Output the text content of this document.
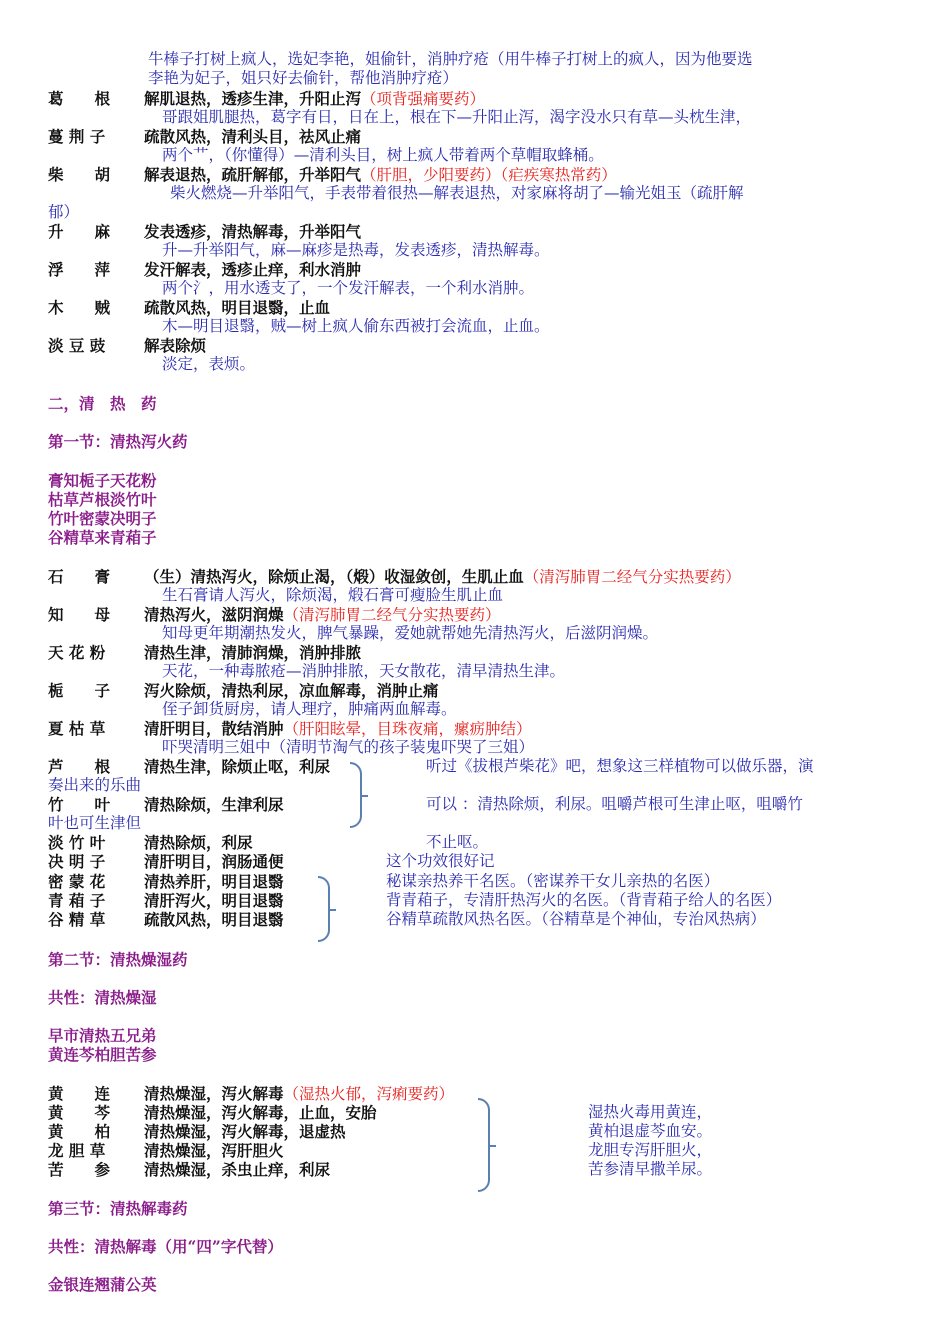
牛棒子打树上疯人，选妃李艳，姐偷针，消肿疗疮（用牛棒子打树上的疯人，因为他要选
李艳为妃子，姐只好去偷针，帮他消肿疗疮）
葛　　根 解肌退热，透疹生津，升阳止泻（项背强痛要药）
哥跟姐肌腿热，葛字有日，日在上，根在下—升阳止泻，渴字没水只有草—头枕生津，
蔓 荆 子 疏散风热，清利头目，祛风止痛
两个艹，（你懂得）—清利头目，树上疯人带着两个草帽取蜂桶。
柴　　胡 解表退热，疏肝解郁，升举阳气（肝胆，少阳要药）（疟疾寒热常药）
柴火燃烧—升举阳气，手表带着很热—解表退热，对家麻将胡了—输光姐玉（疏肝解
郁）
升　　麻 发表透疹，清热解毒，升举阳气
升—升举阳气，麻—麻疹是热毒，发表透疹，清热解毒。
浮　　萍 发汗解表，透疹止痒，利水消肿
两个氵，用水透支了，一个发汗解表，一个利水消肿。
木　　贼 疏散风热，明目退翳，止血
木—明目退翳，贼—树上疯人偷东西被打会流血，止血。
淡 豆 豉 解表除烦
淡定，表烦。
二，清　热　药
第一节：清热泻火药
膏知栀子天花粉
枯草芦根淡竹叶
竹叶密蒙决明子
谷精草来青葙子
石　　膏 （生）清热泻火，除烦止渴，（煅）收湿敛创，生肌止血（清泻肺胃二经气分实热要药）
生石膏请人泻火，除烦渴，煅石膏可瘦脸生肌止血
知　　母 清热泻火，滋阴润燥（清泻肺胃二经气分实热要药）
知母更年期潮热发火，脾气暴躁，爱她就帮她先清热泻火，后滋阴润燥。
天 花 粉 清热生津，清肺润燥，消肿排脓
天花，一种毒脓疮—消肿排脓，天女散花，清早清热生津。
栀　　子 泻火除烦，清热利尿，凉血解毒，消肿止痛
侄子卸货厨房，请人理疗，肿痛两血解毒。
夏 枯 草 清肝明目，散结消肿（肝阳眩晕，目珠夜痛，瘰疬肿结）
吓哭清明三姐中（清明节淘气的孩子装鬼吓哭了三姐）
芦　　根 清热生津，除烦止呕，利尿	听过《拔根芦柴花》吧，想象这三样植物可以做乐器，演
奏出来的乐曲
竹　　叶 清热除烦，生津利尿	可以 ：清热除烦，利尿。咀嚼芦根可生津止呕，咀嚼竹
叶也可生津但
淡 竹 叶 清热除烦，利尿	不止呕。
决 明 子 清肝明目，润肠通便	这个功效很好记
密 蒙 花 清热养肝，明目退翳	秘谋亲热养干名医。（密谋养干女儿亲热的名医）
青 葙 子 清肝泻火，明目退翳	背青葙子，专清肝热泻火的名医。（背青葙子给人的名医）
谷 精 草 疏散风热，明目退翳	谷精草疏散风热名医。（谷精草是个神仙，专治风热病）
第二节：清热燥湿药
共性：清热燥湿
早市清热五兄弟
黄连芩柏胆苦参
黄　　连 清热燥湿，泻火解毒（湿热火郁，泻痢要药）
黄　　芩 清热燥湿，泻火解毒，止血，安胎
黄　　柏 清热燥湿，泻火解毒，退虚热
龙 胆 草 清热燥湿，泻肝胆火
苦　　参 清热燥湿，杀虫止痒，利尿
湿热火毒用黄连，
黄柏退虚芩血安。
龙胆专泻肝胆火，
苦参清早撒羊尿。
第三节：清热解毒药
共性：清热解毒（用“四”字代替）
金银连翘蒲公英
